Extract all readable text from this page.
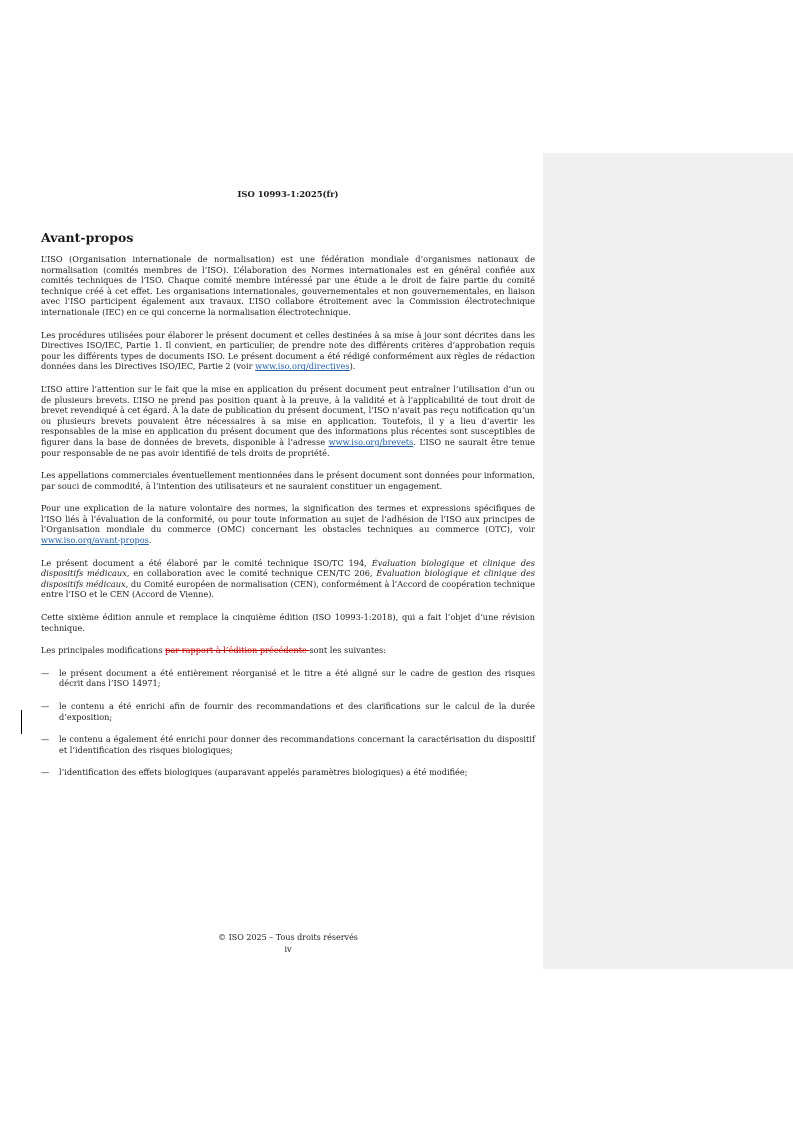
ISO 10993-1:2025(fr)
Avant-propos

L’ISO (Organisation internationale de normalisation) est une fédération mondiale d’organismes nationaux de normalisation (comités membres de l’ISO). L’élaboration des Normes internationales est en général confiée aux comités techniques de l’ISO. Chaque comité membre intéressé par une étude a le droit de faire partie du comité technique créé à cet effet. Les organisations internationales, gouvernementales et non gouvernementales, en liaison avec l’ISO participent également aux travaux. L’ISO collabore étroitement avec la Commission électrotechnique internationale (IEC) en ce qui concerne la normalisation électrotechnique.

Les procédures utilisées pour élaborer le présent document et celles destinées à sa mise à jour sont décrites dans les Directives ISO/IEC, Partie 1. Il convient, en particulier, de prendre note des différents critères d’approbation requis pour les différents types de documents ISO. Le présent document a été rédigé conformément aux règles de rédaction données dans les Directives ISO/IEC, Partie 2 (voir www.iso.org/directives).

L’ISO attire l’attention sur le fait que la mise en application du présent document peut entraîner l’utilisation d’un ou de plusieurs brevets. L’ISO ne prend pas position quant à la preuve, à la validité et à l’applicabilité de tout droit de brevet revendiqué à cet égard. À la date de publication du présent document, l’ISO n’avait pas reçu notification qu’un ou plusieurs brevets pouvaient être nécessaires à sa mise en application. Toutefois, il y a lieu d’avertir les responsables de la mise en application du présent document que des informations plus récentes sont susceptibles de figurer dans la base de données de brevets, disponible à l’adresse www.iso.org/brevets. L’ISO ne saurait être tenue pour responsable de ne pas avoir identifié de tels droits de propriété.

Les appellations commerciales éventuellement mentionnées dans le présent document sont données pour information, par souci de commodité, à l’intention des utilisateurs et ne sauraient constituer un engagement.

Pour une explication de la nature volontaire des normes, la signification des termes et expressions spécifiques de l’ISO liés à l’évaluation de la conformité, ou pour toute information au sujet de l’adhésion de l’ISO aux principes de l’Organisation mondiale du commerce (OMC) concernant les obstacles techniques au commerce (OTC), voir www.iso.org/avant-propos.

Le présent document a été élaboré par le comité technique ISO/TC 194, Évaluation biologique et clinique des dispositifs médicaux, en collaboration avec le comité technique CEN/TC 206, Évaluation biologique et clinique des dispositifs médicaux, du Comité européen de normalisation (CEN), conformément à l’Accord de coopération technique entre l’ISO et le CEN (Accord de Vienne).

Cette sixième édition annule et remplace la cinquième édition (ISO 10993-1:2018), qui a fait l’objet d’une révision technique.

Les principales modifications par rapport à l’édition précédente sont les suivantes:

— le présent document a été entièrement réorganisé et le titre a été aligné sur le cadre de gestion des risques décrit dans l’ISO 14971;
— le contenu a été enrichi afin de fournir des recommandations et des clarifications sur le calcul de la durée d’exposition;
— le contenu a également été enrichi pour donner des recommandations concernant la caractérisation du dispositif et l’identification des risques biologiques;
— l’identification des effets biologiques (auparavant appelés paramètres biologiques) a été modifiée;
© ISO 2025 – Tous droits réservés
iv
